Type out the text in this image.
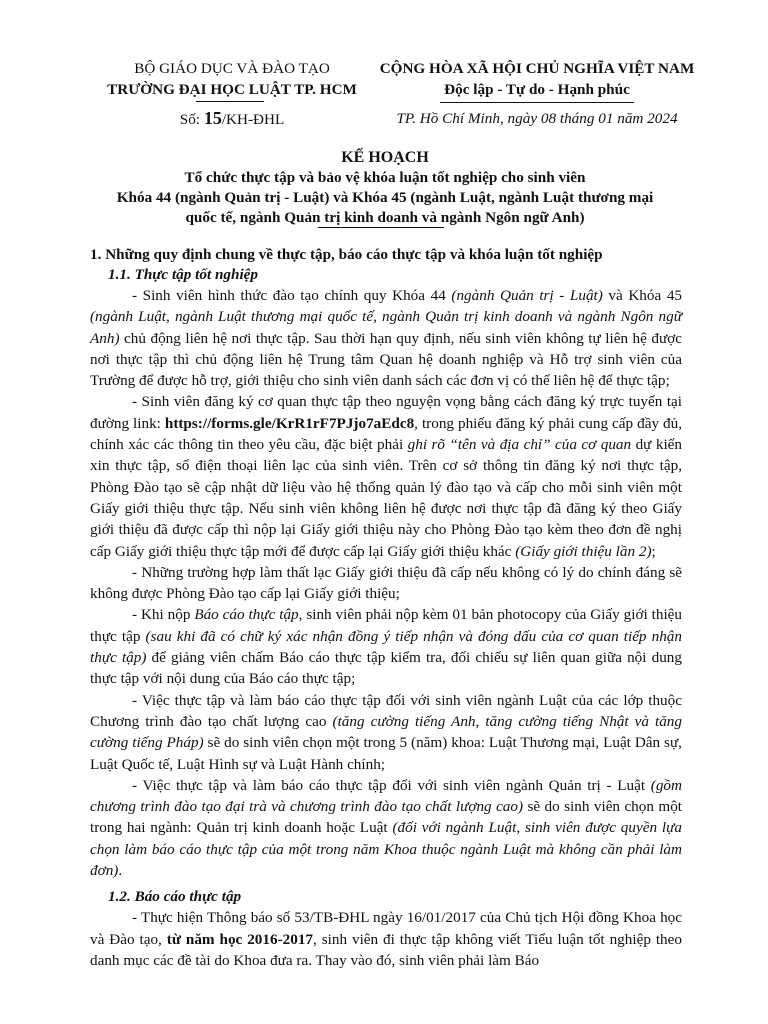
BỘ GIÁO DỤC VÀ ĐÀO TẠO
TRƯỜNG ĐẠI HỌC LUẬT TP. HCM
Số: 15/KH-ĐHL
CỘNG HÒA XÃ HỘI CHỦ NGHĨA VIỆT NAM
Độc lập - Tự do - Hạnh phúc
TP. Hồ Chí Minh, ngày 08 tháng 01 năm 2024
KẾ HOẠCH
Tổ chức thực tập và bảo vệ khóa luận tốt nghiệp cho sinh viên
Khóa 44 (ngành Quản trị - Luật) và Khóa 45 (ngành Luật, ngành Luật thương mại
quốc tế, ngành Quản trị kinh doanh và ngành Ngôn ngữ Anh)
1. Những quy định chung về thực tập, báo cáo thực tập và khóa luận tốt nghiệp
1.1. Thực tập tốt nghiệp

- Sinh viên hình thức đào tạo chính quy Khóa 44 (ngành Quản trị - Luật) và Khóa 45 (ngành Luật, ngành Luật thương mại quốc tế, ngành Quản trị kinh doanh và ngành Ngôn ngữ Anh) chủ động liên hệ nơi thực tập. Sau thời hạn quy định, nếu sinh viên không tự liên hệ được nơi thực tập thì chủ động liên hệ Trung tâm Quan hệ doanh nghiệp và Hỗ trợ sinh viên của Trường để được hỗ trợ, giới thiệu cho sinh viên danh sách các đơn vị có thể liên hệ để thực tập;

- Sinh viên đăng ký cơ quan thực tập theo nguyện vọng bằng cách đăng ký trực tuyến tại đường link: https://forms.gle/KrR1rF7PJjo7aEdc8, trong phiếu đăng ký phải cung cấp đầy đủ, chính xác các thông tin theo yêu cầu, đặc biệt phải ghi rõ “tên và địa chỉ” của cơ quan dự kiến xin thực tập, số điện thoại liên lạc của sinh viên. Trên cơ sở thông tin đăng ký nơi thực tập, Phòng Đào tạo sẽ cập nhật dữ liệu vào hệ thống quản lý đào tạo và cấp cho mỗi sinh viên một Giấy giới thiệu thực tập. Nếu sinh viên không liên hệ được nơi thực tập đã đăng ký theo Giấy giới thiệu đã được cấp thì nộp lại Giấy giới thiệu này cho Phòng Đào tạo kèm theo đơn đề nghị cấp Giấy giới thiệu thực tập mới để được cấp lại Giấy giới thiệu khác (Giấy giới thiệu lần 2);

- Những trường hợp làm thất lạc Giấy giới thiệu đã cấp nếu không có lý do chính đáng sẽ không được Phòng Đào tạo cấp lại Giấy giới thiệu;

- Khi nộp Báo cáo thực tập, sinh viên phải nộp kèm 01 bản photocopy của Giấy giới thiệu thực tập (sau khi đã có chữ ký xác nhận đồng ý tiếp nhận và đóng dấu của cơ quan tiếp nhận thực tập) để giảng viên chấm Báo cáo thực tập kiểm tra, đối chiếu sự liên quan giữa nội dung thực tập với nội dung của Báo cáo thực tập;

- Việc thực tập và làm báo cáo thực tập đối với sinh viên ngành Luật của các lớp thuộc Chương trình đào tạo chất lượng cao (tăng cường tiếng Anh, tăng cường tiếng Nhật và tăng cường tiếng Pháp) sẽ do sinh viên chọn một trong 5 (năm) khoa: Luật Thương mại, Luật Dân sự, Luật Quốc tế, Luật Hình sự và Luật Hành chính;

- Việc thực tập và làm báo cáo thực tập đối với sinh viên ngành Quản trị - Luật (gồm chương trình đào tạo đại trà và chương trình đào tạo chất lượng cao) sẽ do sinh viên chọn một trong hai ngành: Quản trị kinh doanh hoặc Luật (đối với ngành Luật, sinh viên được quyền lựa chọn làm báo cáo thực tập của một trong năm Khoa thuộc ngành Luật mà không cần phải làm đơn).

1.2. Báo cáo thực tập

- Thực hiện Thông báo số 53/TB-ĐHL ngày 16/01/2017 của Chủ tịch Hội đồng Khoa học và Đào tạo, từ năm học 2016-2017, sinh viên đi thực tập không viết Tiểu luận tốt nghiệp theo danh mục các đề tài do Khoa đưa ra. Thay vào đó, sinh viên phải làm Báo
